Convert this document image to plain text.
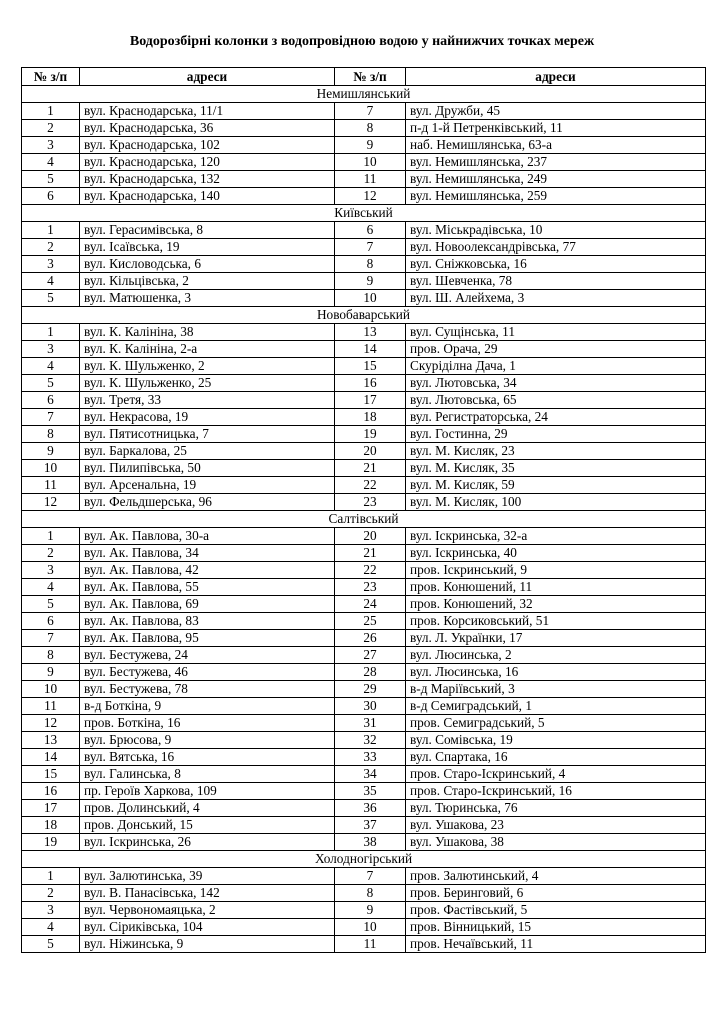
Водорозбірні колонки з водопровідною водою у найнижчих точках мереж
№ з/п	адреси	№ з/п	адреси
Немишлянський			
1	вул. Краснодарська, 11/1	7	вул. Дружби, 45
2	вул. Краснодарська, 36	8	п-д 1-й Петренківський, 11
3	вул. Краснодарська, 102	9	наб. Немишлянська, 63-а
4	вул. Краснодарська, 120	10	вул. Немишлянська, 237
5	вул. Краснодарська, 132	11	вул. Немишлянська, 249
6	вул. Краснодарська, 140	12	вул. Немишлянська, 259
Київський			
1	вул. Герасимівська, 8	6	вул. Міськрадівська, 10
2	вул. Ісаївська, 19	7	вул. Новоолександрівська, 77
3	вул. Кисловодська, 6	8	вул. Сніжковська, 16
4	вул. Кільцівська, 2	9	вул. Шевченка, 78
5	вул. Матюшенка, 3	10	вул. Ш. Алейхема, 3
Новобаварський			
1	вул. К. Калініна, 38	13	вул. Сущінська, 11
3	вул. К. Калініна, 2-а	14	пров. Орача, 29
4	вул. К. Шульженко, 2	15	Скуріділна Дача, 1
5	вул. К. Шульженко, 25	16	вул. Лютовська, 34
6	вул. Третя, 33	17	вул. Лютовська, 65
7	вул. Некрасова, 19	18	вул. Регистраторська, 24
8	вул. Пятисотницька, 7	19	вул. Гостинна, 29
9	вул. Баркалова, 25	20	вул. М. Кисляк, 23
10	вул. Пилипівська, 50	21	вул. М. Кисляк, 35
11	вул. Арсенальна, 19	22	вул. М. Кисляк, 59
12	вул. Фельдшерська, 96	23	вул. М. Кисляк, 100
Салтівський			
1	вул. Ак. Павлова, 30-а	20	вул. Іскринська, 32-а
2	вул. Ак. Павлова, 34	21	вул. Іскринська, 40
3	вул. Ак. Павлова, 42	22	пров. Іскринський, 9
4	вул. Ак. Павлова, 55	23	пров. Конюшений, 11
5	вул. Ак. Павлова, 69	24	пров. Конюшений, 32
6	вул. Ак. Павлова, 83	25	пров. Корсиковський, 51
7	вул. Ак. Павлова, 95	26	вул. Л. Українки, 17
8	вул. Бестужева, 24	27	вул. Люсинська, 2
9	вул. Бестужева, 46	28	вул. Люсинська, 16
10	вул. Бестужева, 78	29	в-д Маріївський, 3
11	в-д Боткіна, 9	30	в-д Семиградський, 1
12	пров. Боткіна, 16	31	пров. Семиградський, 5
13	вул. Брюсова, 9	32	вул. Сомівська, 19
14	вул. Вятська, 16	33	вул. Спартака, 16
15	вул. Галинська, 8	34	пров. Старо-Іскринський, 4
16	пр. Героїв Харкова, 109	35	пров. Старо-Іскринський, 16
17	пров. Долинський, 4	36	вул. Тюринська, 76
18	пров. Донський, 15	37	вул. Ушакова, 23
19	вул. Іскринська, 26	38	вул. Ушакова, 38
Холодногірський			
1	вул. Залютинська, 39	7	пров. Залютинський, 4
2	вул. В. Панасівська, 142	8	пров. Беринговий, 6
3	вул. Червономаяцька, 2	9	пров. Фастівський, 5
4	вул. Сіриківська, 104	10	пров. Вінницький, 15
5	вул. Ніжинська, 9	11	пров. Нечаївський, 11
